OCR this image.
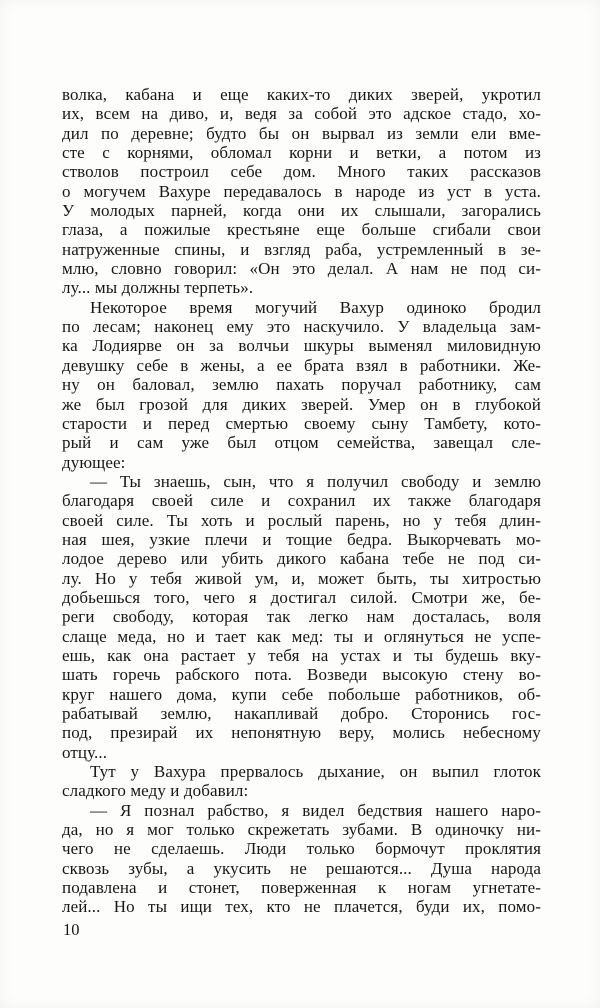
волка, кабана и еще каких-то диких зверей, укротил
их, всем на диво, и, ведя за собой это адское стадо, хо-
дил по деревне; будто бы он вырвал из земли ели вме-
сте с корнями, обломал корни и ветки, а потом из
стволов построил себе дом. Много таких рассказов
о могучем Вахуре передавалось в народе из уст в уста.
У молодых парней, когда они их слышали, загорались
глаза, а пожилые крестьяне еще больше сгибали свои
натруженные спины, и взгляд раба, устремленный в зе-
млю, словно говорил: «Он это делал. А нам не под си-
лу... мы должны терпеть».
Некоторое время могучий Вахур одиноко бродил
по лесам; наконец ему это наскучило. У владельца зам-
ка Лодиярве он за волчьи шкуры выменял миловидную
девушку себе в жены, а ее брата взял в работники. Же-
ну он баловал, землю пахать поручал работнику, сам
же был грозой для диких зверей. Умер он в глубокой
старости и перед смертью своему сыну Тамбету, кото-
рый и сам уже был отцом семейства, завещал сле-
дующее:
— Ты знаешь, сын, что я получил свободу и землю
благодаря своей силе и сохранил их также благодаря
своей силе. Ты хоть и рослый парень, но у тебя длин-
ная шея, узкие плечи и тощие бедра. Выкорчевать мо-
лодое дерево или убить дикого кабана тебе не под си-
лу. Но у тебя живой ум, и, может быть, ты хитростью
добьешься того, чего я достигал силой. Смотри же, бе-
реги свободу, которая так легко нам досталась, воля
слаще меда, но и тает как мед: ты и оглянуться не успе-
ешь, как она растает у тебя на устах и ты будешь вку-
шать горечь рабского пота. Возведи высокую стену во-
круг нашего дома, купи себе побольше работников, об-
рабатывай землю, накапливай добро. Сторонись гос-
под, презирай их непонятную веру, молись небесному
отцу...
Тут у Вахура прервалось дыхание, он выпил глоток
сладкого меду и добавил:
— Я познал рабство, я видел бедствия нашего наро-
да, но я мог только скрежетать зубами. В одиночку ни-
чего не сделаешь. Люди только бормочут проклятия
сквозь зубы, а укусить не решаются... Душа народа
подавлена и стонет, поверженная к ногам угнетате-
лей... Но ты ищи тех, кто не плачется, буди их, помо-
10
